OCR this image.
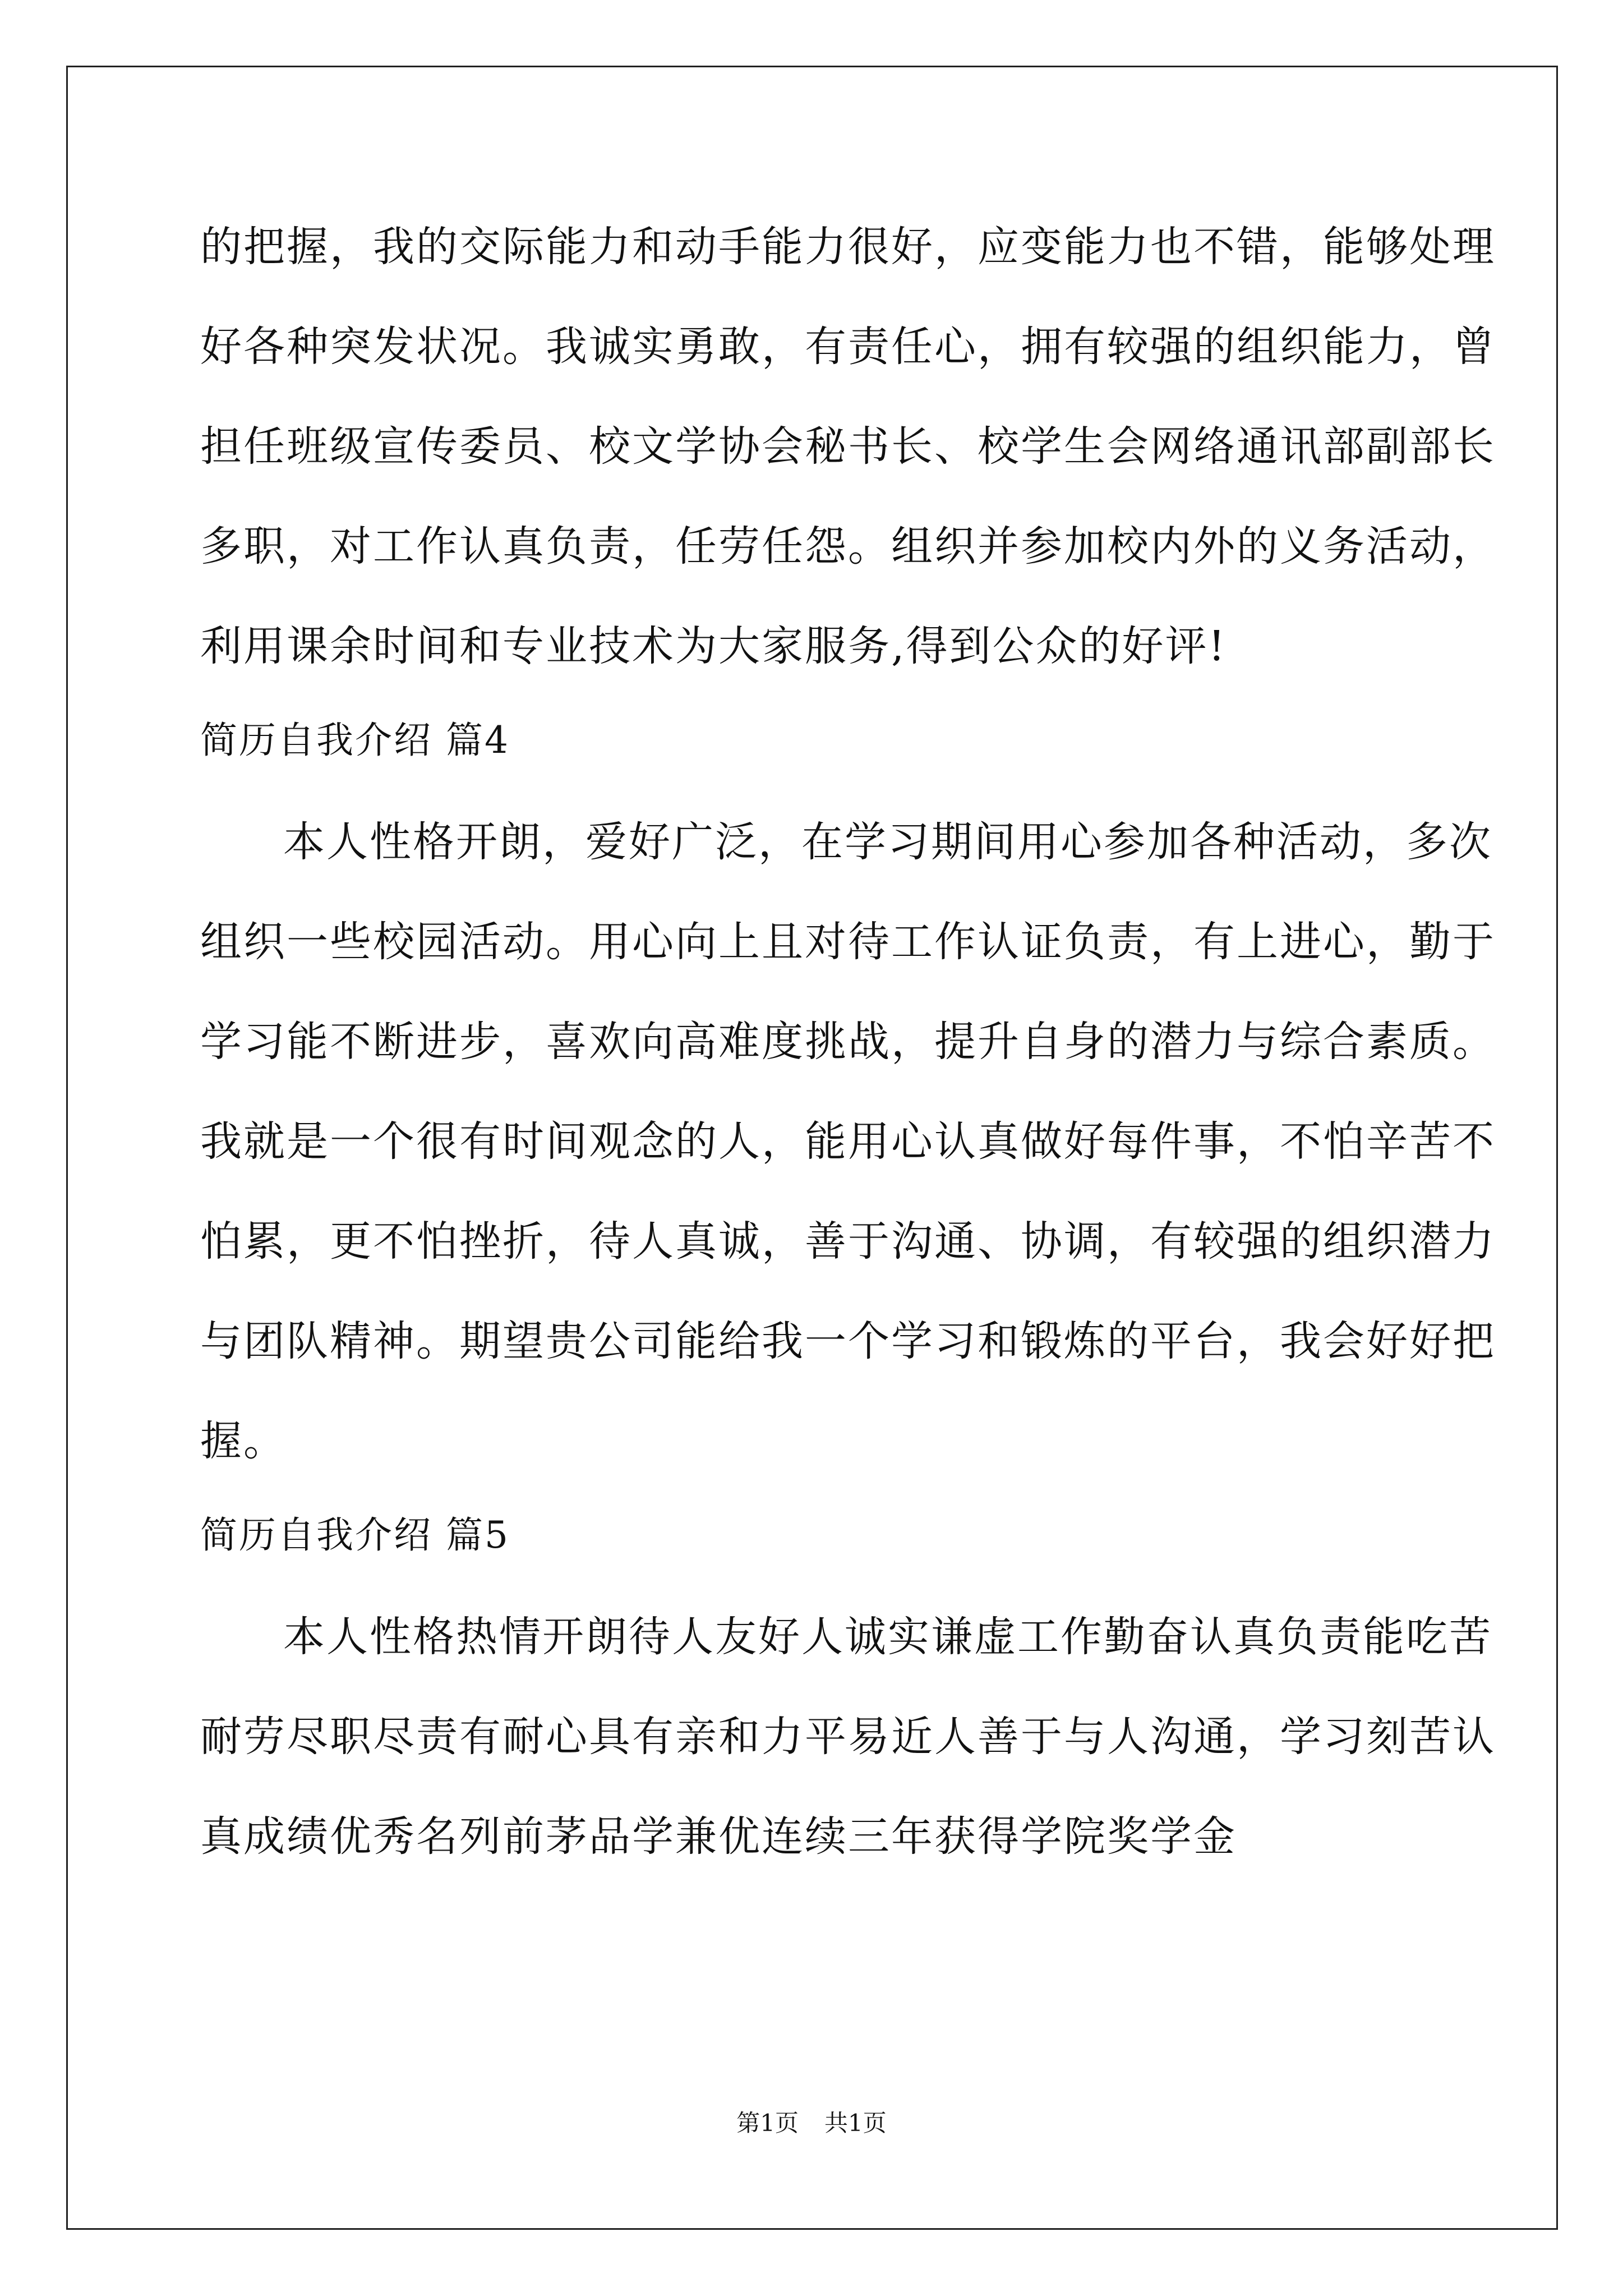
的把握，我的交际能力和动手能力很好，应变能力也不错，能够处理
好各种突发状况。我诚实勇敢，有责任心，拥有较强的组织能力，曾
担任班级宣传委员、校文学协会秘书长、校学生会网络通讯部副部长
多职，对工作认真负责，任劳任怨。组织并参加校内外的义务活动，
利用课余时间和专业技术为大家服务,得到公众的好评!
简历自我介绍 篇4
本人性格开朗，爱好广泛，在学习期间用心参加各种活动，多次
组织一些校园活动。用心向上且对待工作认证负责，有上进心，勤于
学习能不断进步，喜欢向高难度挑战，提升自身的潜力与综合素质。
我就是一个很有时间观念的人，能用心认真做好每件事，不怕辛苦不
怕累，更不怕挫折，待人真诚，善于沟通、协调，有较强的组织潜力
与团队精神。期望贵公司能给我一个学习和锻炼的平台，我会好好把
握。
简历自我介绍 篇5
本人性格热情开朗待人友好人诚实谦虚工作勤奋认真负责能吃苦
耐劳尽职尽责有耐心具有亲和力平易近人善于与人沟通，学习刻苦认
真成绩优秀名列前茅品学兼优连续三年获得学院奖学金
第1页 共1页
